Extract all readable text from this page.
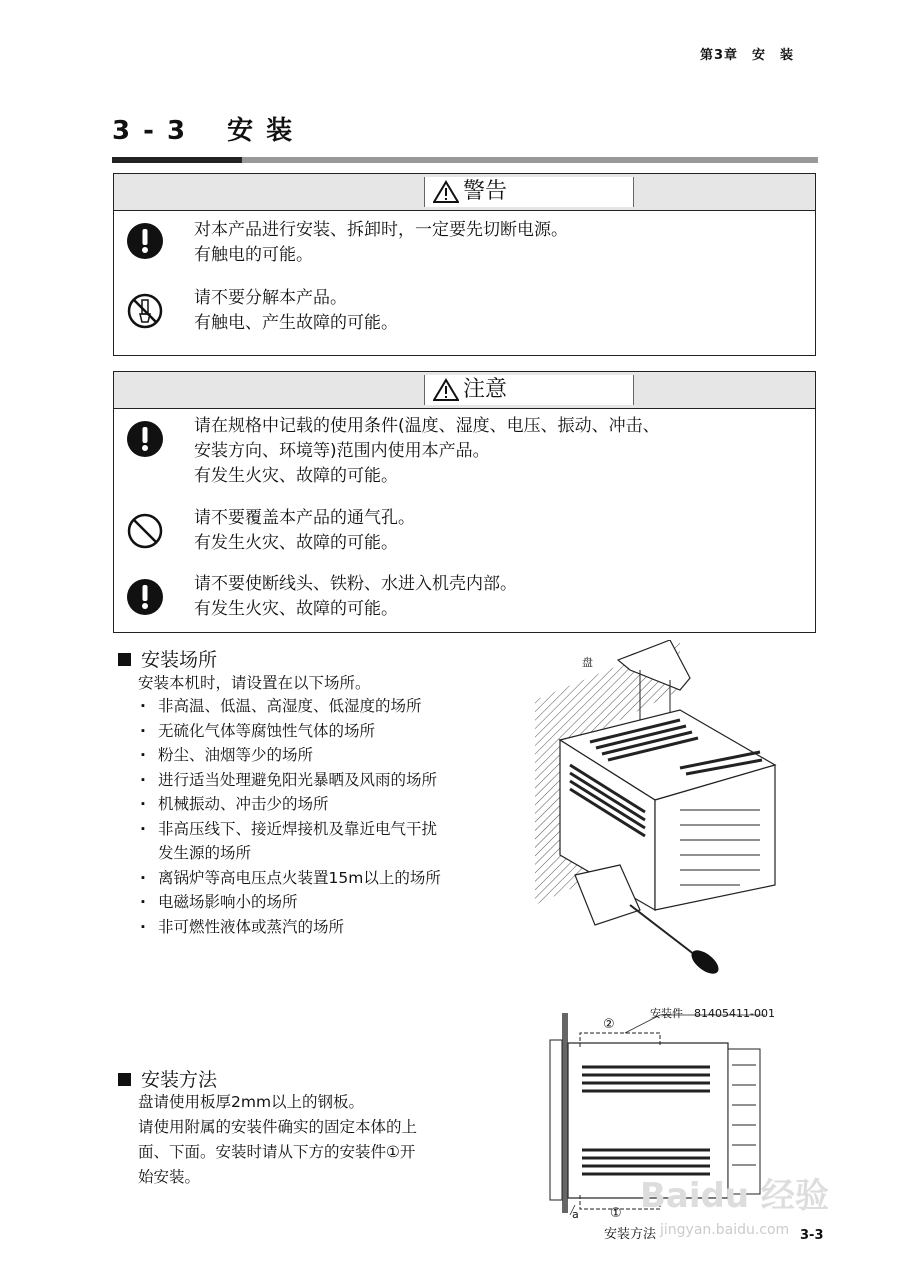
第3章　安　装
3 - 3 安 装
警告
对本产品进行安装、拆卸时，一定要先切断电源。
有触电的可能。
请不要分解本产品。
有触电、产生故障的可能。
注意
请在规格中记载的使用条件(温度、湿度、电压、振动、冲击、
安装方向、环境等)范围内使用本产品。
有发生火灾、故障的可能。
请不要覆盖本产品的通气孔。
有发生火灾、故障的可能。
请不要使断线头、铁粉、水进入机壳内部。
有发生火灾、故障的可能。
安装场所
安装本机时，请设置在以下场所。
· 非高温、低温、高湿度、低湿度的场所
· 无硫化气体等腐蚀性气体的场所
· 粉尘、油烟等少的场所
· 进行适当处理避免阳光暴晒及风雨的场所
· 机械振动、冲击少的场所
· 非高压线下、接近焊接机及靠近电气干扰
发生源的场所
· 离锅炉等高电压点火装置15m以上的场所
· 电磁场影响小的场所
· 非可燃性液体或蒸汽的场所
盘
安装方法
盘请使用板厚2mm以上的钢板。
请使用附属的安装件确实的固定本体的上
面、下面。安装时请从下方的安装件①开
始安装。
安装件　81405411-001
②
①
a
安装方法
Baidu 经验
jingyan.baidu.com 3-3
